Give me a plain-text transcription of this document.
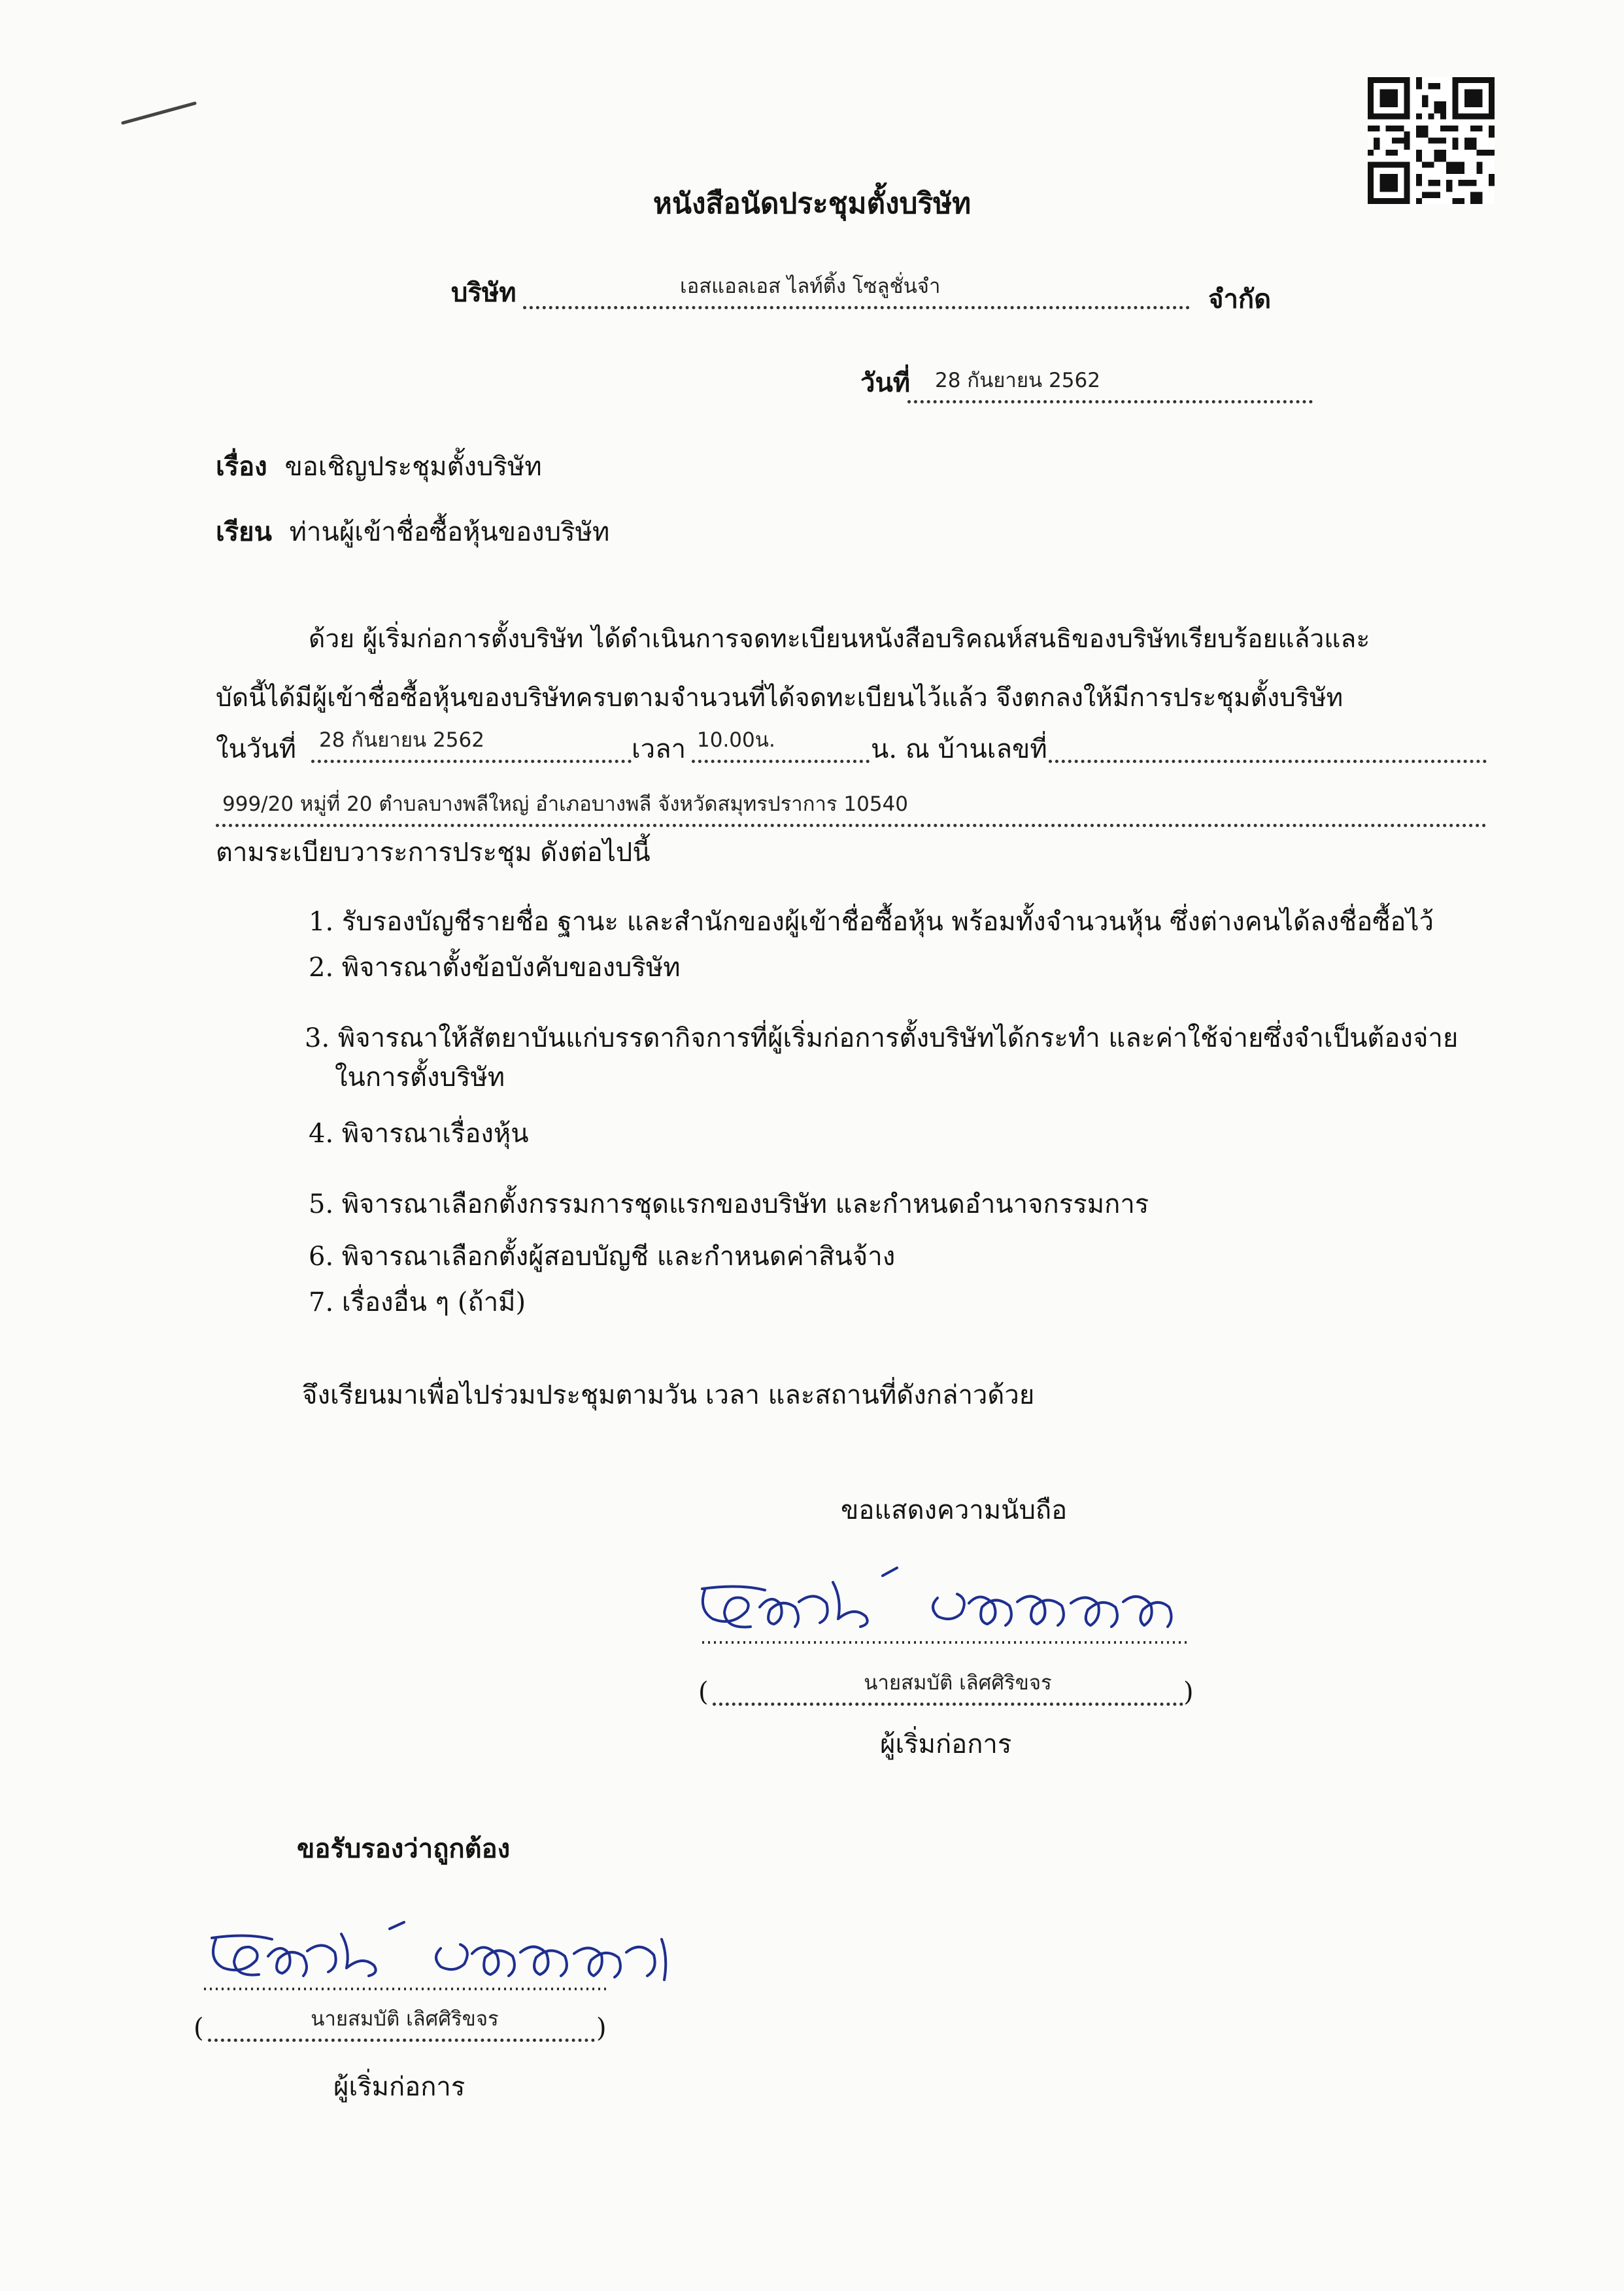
หนังสือนัดประชุมตั้งบริษัท
บริษัท	เอสแอลเอส ไลท์ติ้ง โซลูชั่นจำ	จำกัด
วันที่	28 กันยายน 2562
เรื่อง ขอเชิญประชุมตั้งบริษัท
เรียน ท่านผู้เข้าชื่อซื้อหุ้นของบริษัท
ด้วย ผู้เริ่มก่อการตั้งบริษัท ได้ดำเนินการจดทะเบียนหนังสือบริคณห์สนธิของบริษัทเรียบร้อยแล้วและ
บัดนี้ได้มีผู้เข้าชื่อซื้อหุ้นของบริษัทครบตามจำนวนที่ได้จดทะเบียนไว้แล้ว จึงตกลงให้มีการประชุมตั้งบริษัท
ในวันที่	28 กันยายน 2562	เวลา 10.00น.	น. ณ บ้านเลขที่
999/20 หมู่ที่ 20 ตำบลบางพลีใหญ่ อำเภอบางพลี จังหวัดสมุทรปราการ 10540
ตามระเบียบวาระการประชุม ดังต่อไปนี้
1. รับรองบัญชีรายชื่อ ฐานะ และสำนักของผู้เข้าชื่อซื้อหุ้น พร้อมทั้งจำนวนหุ้น ซึ่งต่างคนได้ลงชื่อซื้อไว้
2. พิจารณาตั้งข้อบังคับของบริษัท
3. พิจารณาให้สัตยาบันแก่บรรดากิจการที่ผู้เริ่มก่อการตั้งบริษัทได้กระทำ และค่าใช้จ่ายซึ่งจำเป็นต้องจ่าย
ในการตั้งบริษัท
4. พิจารณาเรื่องหุ้น
5. พิจารณาเลือกตั้งกรรมการชุดแรกของบริษัท และกำหนดอำนาจกรรมการ
6. พิจารณาเลือกตั้งผู้สอบบัญชี และกำหนดค่าสินจ้าง
7. เรื่องอื่น ๆ (ถ้ามี)
จึงเรียนมาเพื่อไปร่วมประชุมตามวัน เวลา และสถานที่ดังกล่าวด้วย
ขอแสดงความนับถือ
(	นายสมบัติ เลิศศิริขจร	)
ผู้เริ่มก่อการ
ขอรับรองว่าถูกต้อง
(	นายสมบัติ เลิศศิริขจร	)
ผู้เริ่มก่อการ
